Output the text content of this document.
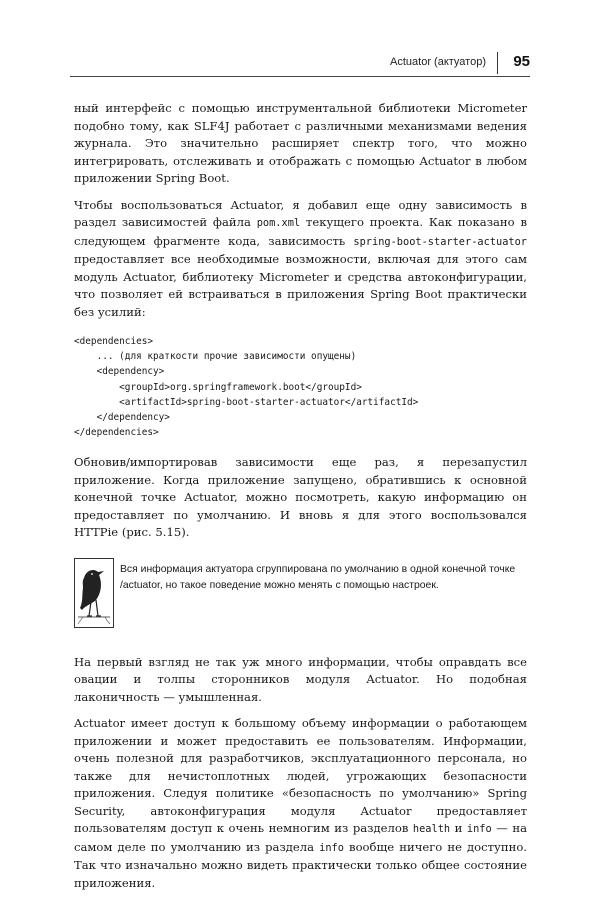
Actuator (актуатор) 95

ный интерфейс с помощью инструментальной библиотеки Micrometer подобно тому, как SLF4J работает с различными механизмами ведения журнала. Это значительно расширяет спектр того, что можно интегрировать, отслеживать и отображать с помощью Actuator в любом приложении Spring Boot.

Чтобы воспользоваться Actuator, я добавил еще одну зависимость в раздел зависимостей файла pom.xml текущего проекта. Как показано в следующем фрагменте кода, зависимость spring-boot-starter-actuator предоставляет все необходимые возможности, включая для этого сам модуль Actuator, библиотеку Micrometer и средства автоконфигурации, что позволяет ей встраиваться в приложения Spring Boot практически без усилий:

<dependencies>
... (для краткости прочие зависимости опущены)
<dependency>
<groupId>org.springframework.boot</groupId>
<artifactId>spring-boot-starter-actuator</artifactId>
</dependency>
</dependencies>

Обновив/импортировав зависимости еще раз, я перезапустил приложение. Когда приложение запущено, обратившись к основной конечной точке Actuator, можно посмотреть, какую информацию он предоставляет по умолчанию. И вновь я для этого воспользовался HTTPie (рис. 5.15).

Вся информация актуатора сгруппирована по умолчанию в одной конечной точке /actuator, но такое поведение можно менять с помощью настроек.

На первый взгляд не так уж много информации, чтобы оправдать все овации и толпы сторонников модуля Actuator. Но подобная лаконичность — умышленная.

Actuator имеет доступ к большому объему информации о работающем приложении и может предоставить ее пользователям. Информации, очень полезной для разработчиков, эксплуатационного персонала, но также для нечистоплотных людей, угрожающих безопасности приложения. Следуя политике «безопасность по умолчанию» Spring Security, автоконфигурация модуля Actuator предоставляет пользователям доступ к очень немногим из разделов health и info — на самом деле по умолчанию из раздела info вообще ничего не доступно. Так что изначально можно видеть практически только общее состояние приложения.
